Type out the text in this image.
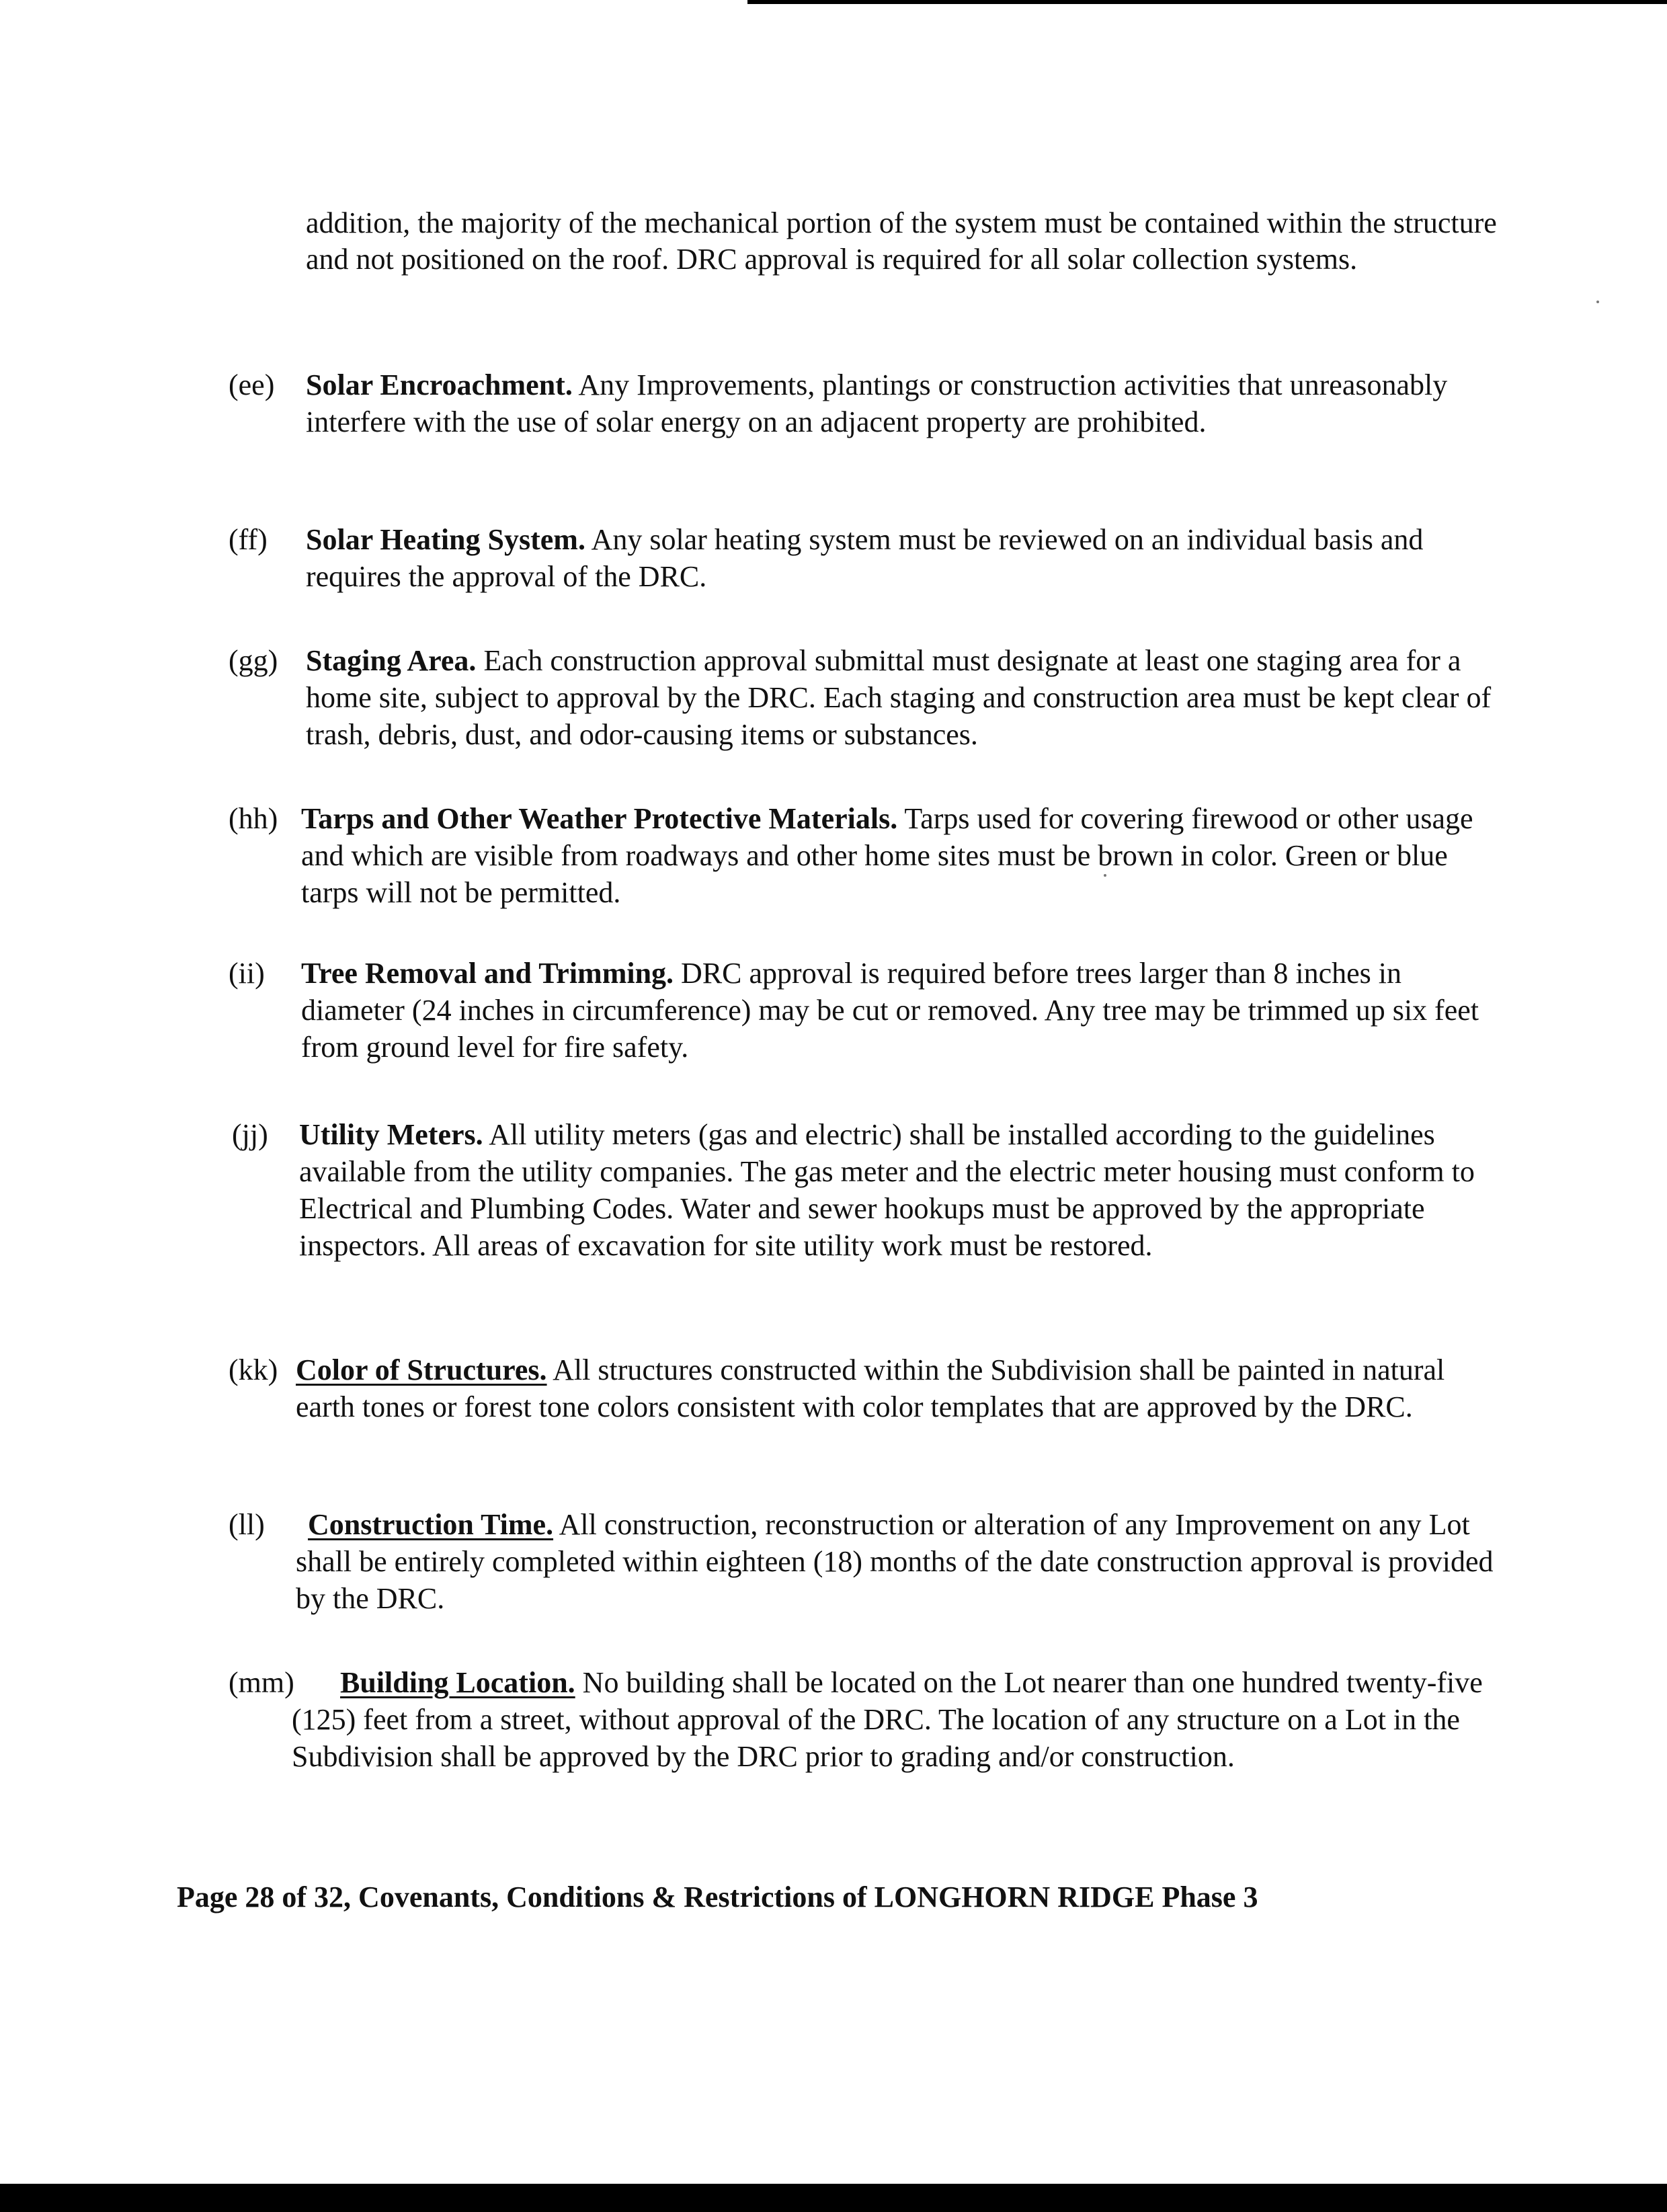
addition, the majority of the mechanical portion of the system must be contained within the structure and not positioned on the roof. DRC approval is required for all solar collection systems.

(ee)	Solar Encroachment. Any Improvements, plantings or construction activities that unreasonably interfere with the use of solar energy on an adjacent property are prohibited.

(ff)	Solar Heating System. Any solar heating system must be reviewed on an individual basis and requires the approval of the DRC.

(gg) Staging Area. Each construction approval submittal must designate at least one staging area for a home site, subject to approval by the DRC. Each staging and construction area must be kept clear of trash, debris, dust, and odor-causing items or substances.

(hh) Tarps and Other Weather Protective Materials. Tarps used for covering firewood or other usage and which are visible from roadways and other home sites must be brown in color. Green or blue tarps will not be permitted.

(ii)	Tree Removal and Trimming. DRC approval is required before trees larger than 8 inches in diameter (24 inches in circumference) may be cut or removed. Any tree may be trimmed up six feet from ground level for fire safety.

(jj)	Utility Meters. All utility meters (gas and electric) shall be installed according to the guidelines available from the utility companies. The gas meter and the electric meter housing must conform to Electrical and Plumbing Codes. Water and sewer hookups must be approved by the appropriate inspectors. All areas of excavation for site utility work must be restored.

(kk) Color of Structures. All structures constructed within the Subdivision shall be painted in natural earth tones or forest tone colors consistent with color templates that are approved by the DRC.

(ll)	Construction Time. All construction, reconstruction or alteration of any Improvement on any Lot shall be entirely completed within eighteen (18) months of the date construction approval is provided by the DRC.

(mm)	Building Location. No building shall be located on the Lot nearer than one hundred twenty-five (125) feet from a street, without approval of the DRC. The location of any structure on a Lot in the Subdivision shall be approved by the DRC prior to grading and/or construction.

Page 28 of 32, Covenants, Conditions & Restrictions of LONGHORN RIDGE Phase 3
